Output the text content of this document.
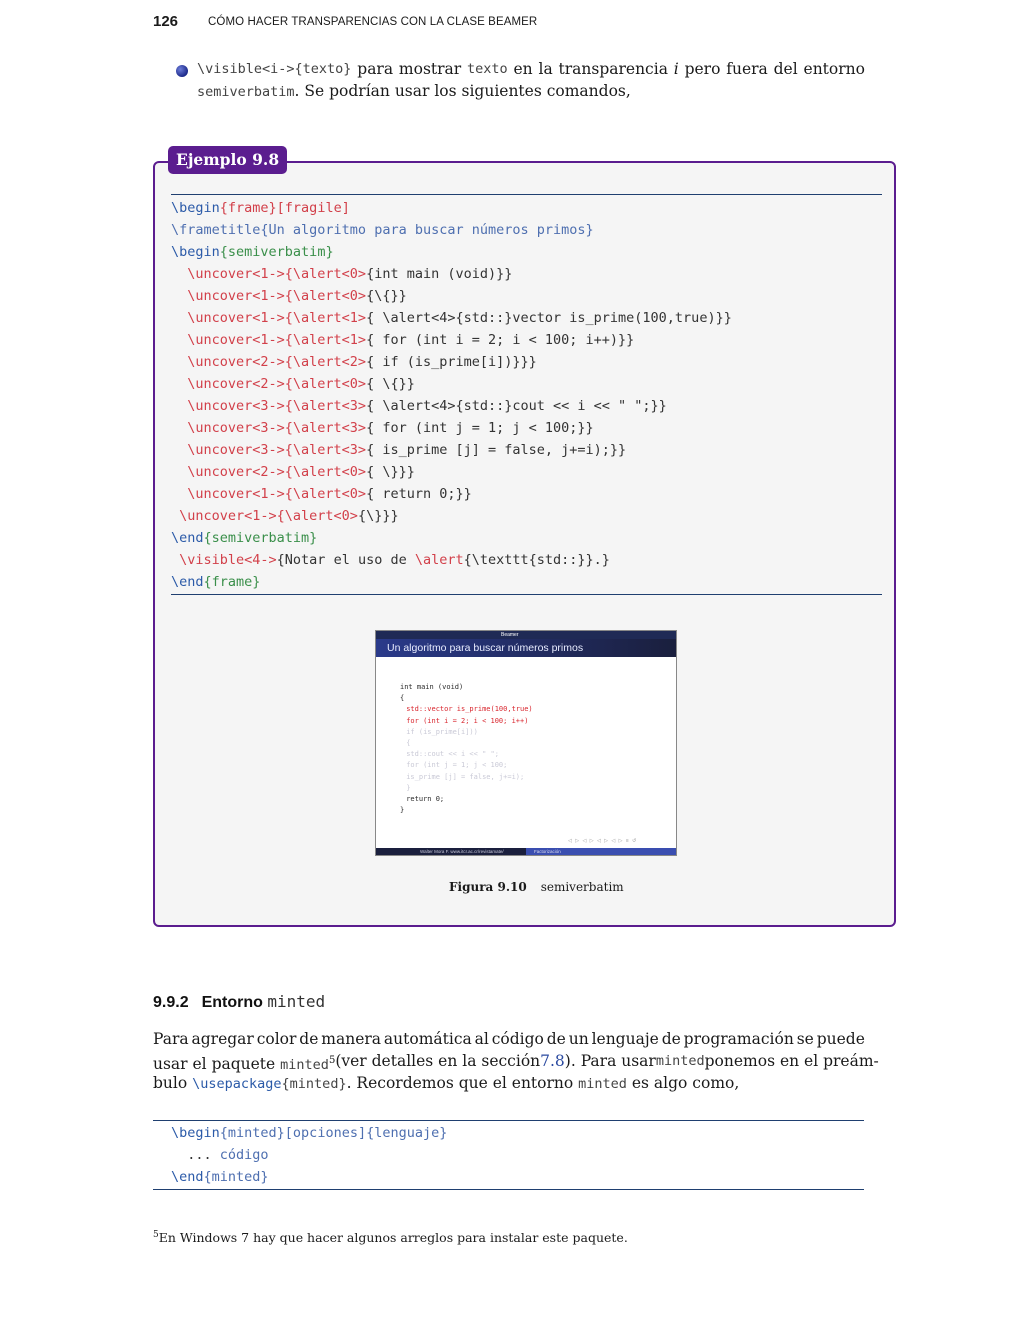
126	CÓMO HACER TRANSPARENCIAS CON LA CLASE BEAMER
\visible<i->{texto} para mostrar texto en la transparencia i pero fuera del entorno
semiverbatim. Se podrían usar los siguientes comandos,
Ejemplo 9.8
\begin{frame}[fragile]
\frametitle{Un algoritmo para buscar números primos}
\begin{semiverbatim}
\uncover<1->{\alert<0>{int main (void)}}
\uncover<1->{\alert<0>{\{}}
\uncover<1->{\alert<1>{ \alert<4>{std::}vector is_prime(100,true)}}
\uncover<1->{\alert<1>{ for (int i = 2; i < 100; i++)}}
\uncover<2->{\alert<2>{ if (is_prime[i])}}}
\uncover<2->{\alert<0>{ \{}}
\uncover<3->{\alert<3>{ \alert<4>{std::}cout << i << " ";}}
\uncover<3->{\alert<3>{ for (int j = 1; j < 100;}}
\uncover<3->{\alert<3>{ is_prime [j] = false, j+=i);}}
\uncover<2->{\alert<0>{ \}}}
\uncover<1->{\alert<0>{ return 0;}}
\uncover<1->{\alert<0>{\}}}
\end{semiverbatim}
\visible<4->{Notar el uso de \alert{\texttt{std::}}.}
\end{frame}
Beamer
Un algoritmo para buscar números primos
int main (void)
{
std::vector is_prime(100,true)
for (int i = 2; i < 100; i++)
if (is_prime[i]))
{
std::cout << i << " ";
for (int j = 1; j < 100;
is_prime [j] = false, j+=i);
}
return 0;
}
◁ ▷ ◁ ▷ ◁ ▷ ◁ ▷ ≡ ↺
Walter Mora F. www.itcr.ac.cr/revistamate/	Factorización
Figura 9.10 semiverbatim
9.9.2 Entorno minted
Para agregar color de manera automática al código de un lenguaje de programación se puede
usar el paquete minted$^5$ (ver detalles en la sección 7.8). Para usar minted ponemos en el preám-
bulo \usepackage{minted}. Recordemos que el entorno minted es algo como,
\begin{minted}[opciones]{lenguaje}
... código
\end{minted}
$^5$En Windows 7 hay que hacer algunos arreglos para instalar este paquete.
